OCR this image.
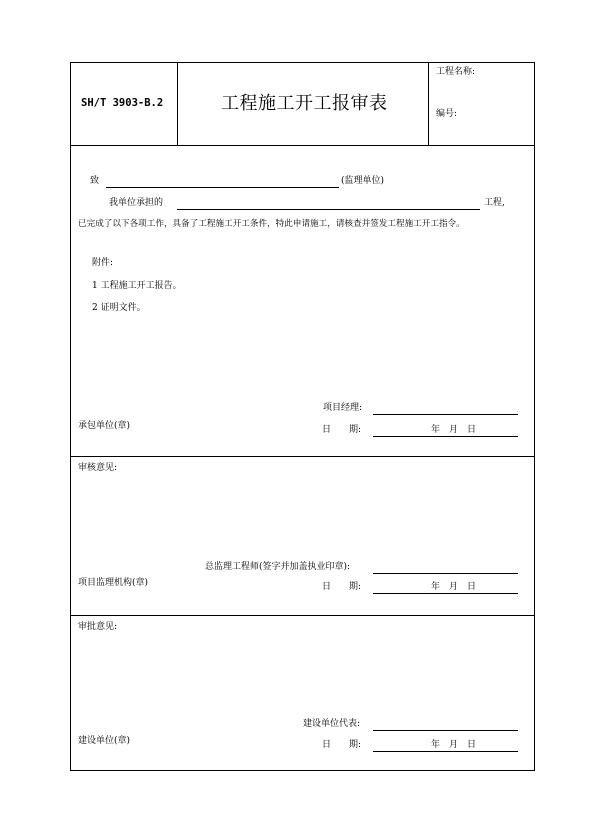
SH/T 3903-B.2	工程施工开工报审表
工程名称:
编号:
致	(监理单位)
我单位承担的	工程,
已完成了以下各项工作，具备了工程施工开工条件，特此申请施工，请核查并签发工程施工开工指令。
附件:
1 工程施工开工报告。
2 证明文件。
项目经理:
承包单位(章)	日　　期:	年　月　日
审核意见:
总监理工程师(签字并加盖执业印章):
项目监理机构(章)	日　　期:	年　月　日
审批意见:
建设单位代表:
建设单位(章)	日　　期:	年　月　日
